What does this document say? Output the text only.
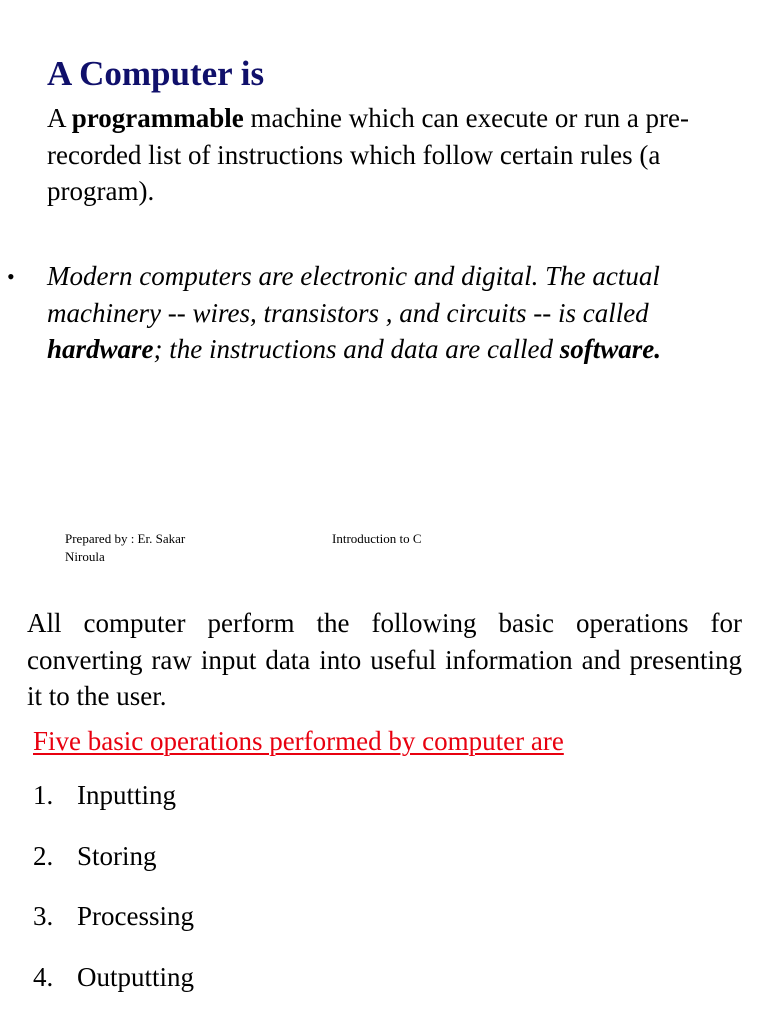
A Computer is
A programmable machine which can execute or run a pre-recorded list of instructions which follow certain rules (a program).
• Modern computers are electronic and digital. The actual machinery -- wires, transistors , and circuits -- is called hardware; the instructions and data are called software.
Prepared by : Er. Sakar Niroula
Introduction to C
All computer perform the following basic operations for converting raw input data into useful information and presenting it to the user.
Five basic operations performed by computer are
1. Inputting
2. Storing
3. Processing
4. Outputting
